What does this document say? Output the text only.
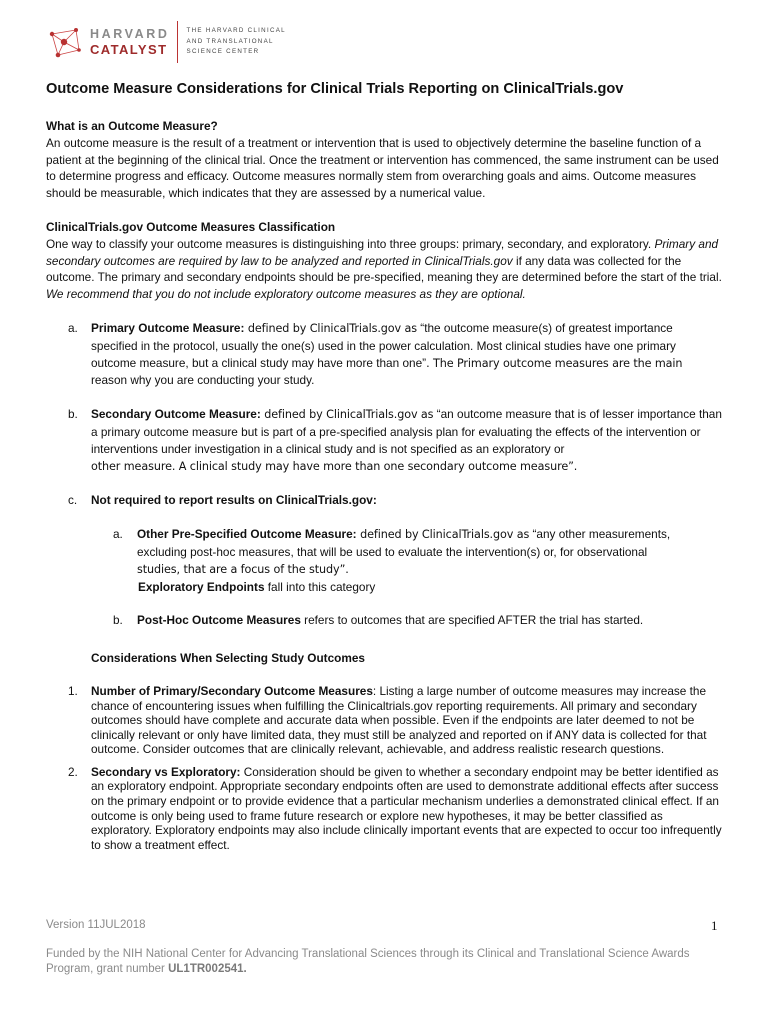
HARVARD
CATALYST
THE HARVARD CLINICAL
AND TRANSLATIONAL
SCIENCE CENTER
Outcome Measure Considerations for Clinical Trials Reporting on ClinicalTrials.gov

What is an Outcome Measure?

An outcome measure is the result of a treatment or intervention that is used to objectively determine the baseline function of a patient at the beginning of the clinical trial. Once the treatment or intervention has commenced, the same instrument can be used to determine progress and efficacy. Outcome measures normally stem from overarching goals and aims. Outcome measures should be measurable, which indicates that they are assessed by a numerical value.

ClinicalTrials.gov Outcome Measures Classification

One way to classify your outcome measures is distinguishing into three groups: primary, secondary, and exploratory. Primary and secondary outcomes are required by law to be analyzed and reported in ClinicalTrials.gov if any data was collected for the outcome. The primary and secondary endpoints should be pre-specified, meaning they are determined before the start of the trial. We recommend that you do not include exploratory outcome measures as they are optional.

a. Primary Outcome Measure: defined by ClinicalTrials.gov as “the outcome measure(s) of greatest importance specified in the protocol, usually the one(s) used in the power calculation. Most clinical studies have one primary outcome measure, but a clinical study may have more than one”. The Primary outcome measures are the main
reason why you are conducting your study.
b. Secondary Outcome Measure: defined by ClinicalTrials.gov as “an outcome measure that is of lesser importance than a primary outcome measure but is part of a pre-specified analysis plan for evaluating the effects of the intervention or interventions under investigation in a clinical study and is not specified as an exploratory or
other measure. A clinical study may have more than one secondary outcome measure”.
c. Not required to report results on ClinicalTrials.gov:
a. Other Pre-Specified Outcome Measure: defined by ClinicalTrials.gov as “any other measurements, excluding post-hoc measures, that will be used to evaluate the intervention(s) or, for observational
studies, that are a focus of the study”.
Exploratory Endpoints fall into this category
b. Post-Hoc Outcome Measures refers to outcomes that are specified AFTER the trial has started.
Considerations When Selecting Study Outcomes
1. Number of Primary/Secondary Outcome Measures: Listing a large number of outcome measures may increase the chance of encountering issues when fulfilling the Clinicaltrials.gov reporting requirements. All primary and secondary outcomes should have complete and accurate data when possible. Even if the endpoints are later deemed to not be clinically relevant or only have limited data, they must still be analyzed and reported on if ANY data is collected for that outcome. Consider outcomes that are clinically relevant, achievable, and address realistic research questions.
2. Secondary vs Exploratory: Consideration should be given to whether a secondary endpoint may be better identified as an exploratory endpoint. Appropriate secondary endpoints often are used to demonstrate additional effects after success on the primary endpoint or to provide evidence that a particular mechanism underlies a demonstrated clinical effect. If an outcome is only being used to frame future research or explore new hypotheses, it may be better classified as exploratory. Exploratory endpoints may also include clinically important events that are expected to occur too infrequently to show a treatment effect.
Version 11JUL2018	1
Funded by the NIH National Center for Advancing Translational Sciences through its Clinical and Translational Science Awards Program, grant number UL1TR002541.
